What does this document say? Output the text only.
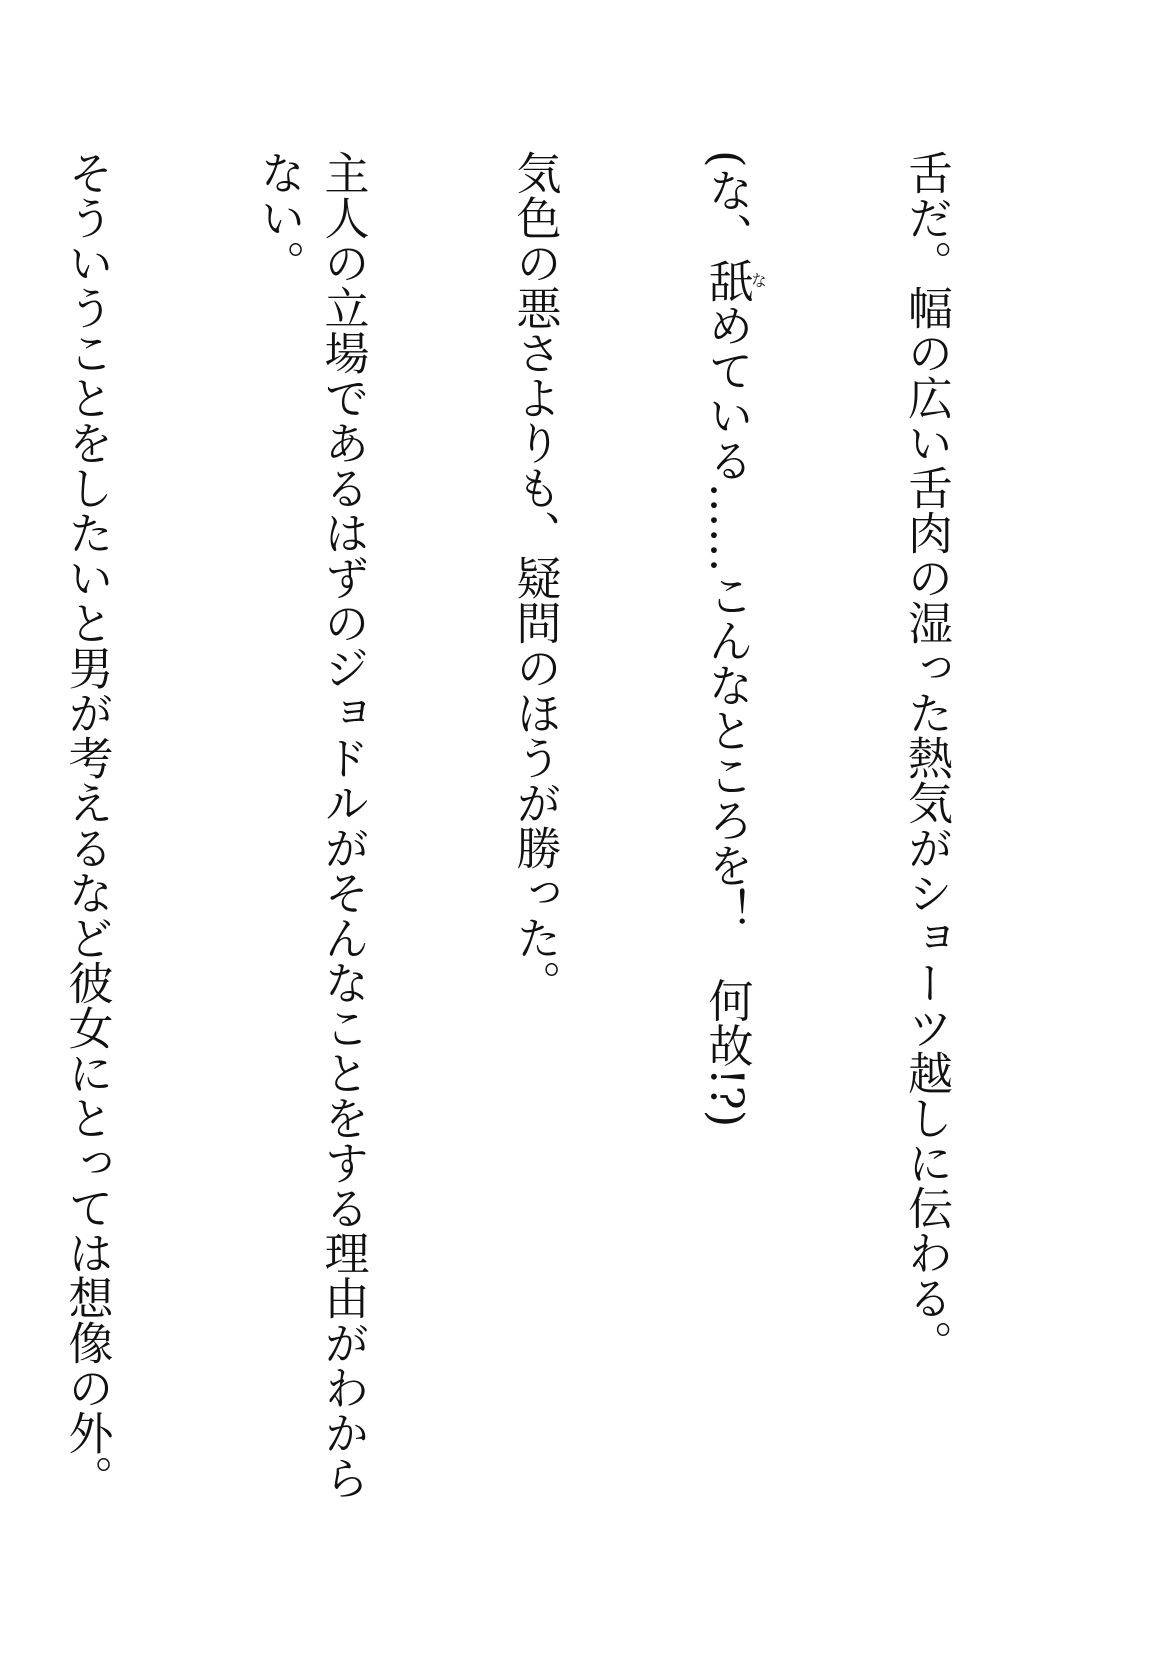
舌だ。幅の広い舌肉の湿った熱気がショーツ越しに伝わる。

(な、舐なめている……こんなところを！　何故!?)

気色の悪さよりも、疑問のほうが勝った。

主人の立場であるはずのジョドルがそんなことをする理由がわからない。

そういうことをしたいと男が考えるなど彼女にとっては想像の外。
